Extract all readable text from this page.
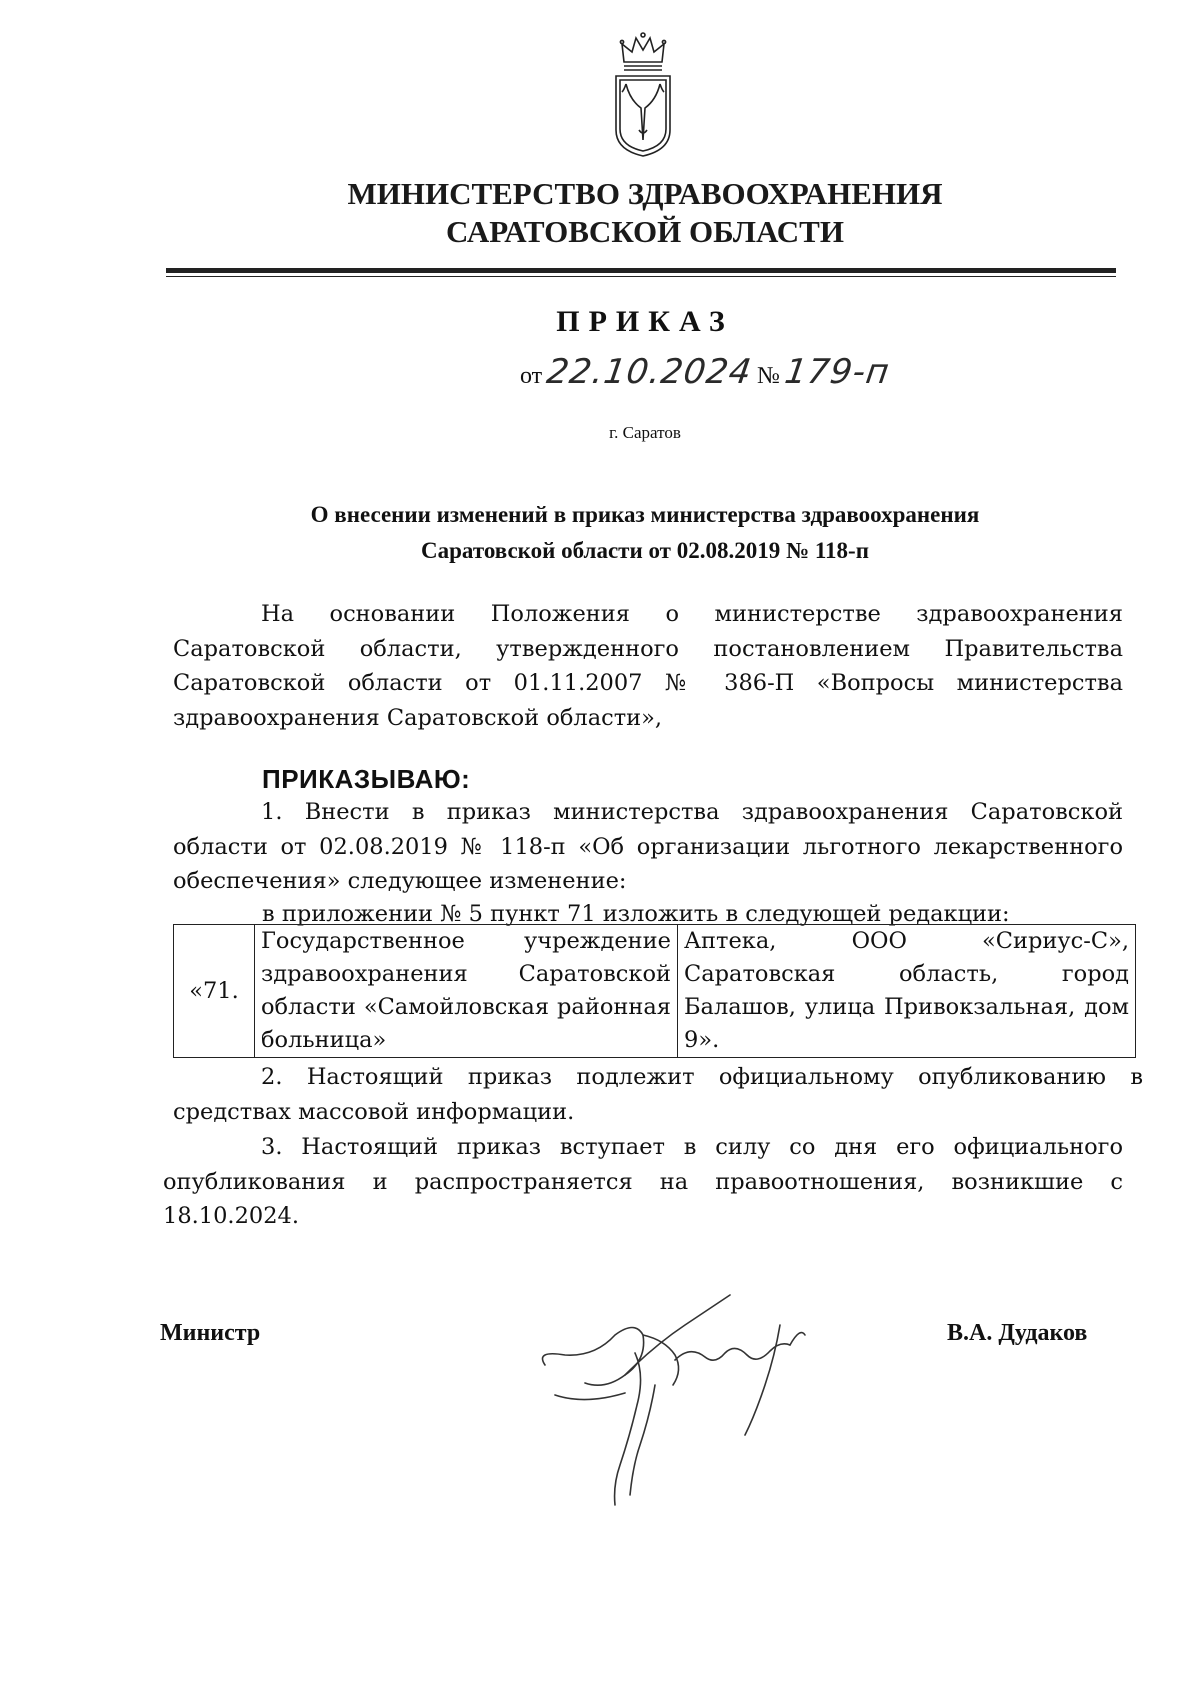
МИНИСТЕРСТВО ЗДРАВООХРАНЕНИЯ
САРАТОВСКОЙ ОБЛАСТИ
ПРИКАЗ
от 22.10.2024 № 179-п
г. Саратов
О внесении изменений в приказ министерства здравоохранения
Саратовской области от 02.08.2019 № 118-п
На основании Положения о министерстве здравоохранения Саратовской области, утвержденного постановлением Правительства Саратовской области от 01.11.2007 № 386-П «Вопросы министерства здравоохранения Саратовской области»,
ПРИКАЗЫВАЮ:
1. Внести в приказ министерства здравоохранения Саратовской области от 02.08.2019 № 118-п «Об организации льготного лекарственного обеспечения» следующее изменение:
в приложении № 5 пункт 71 изложить в следующей редакции:
«71.	Государственное учреждение здравоохранения Саратовской области «Самойловская районная больница»	Аптека, ООО «Сириус-С», Саратовская область, город Балашов, улица Привокзальная, дом 9».
2. Настоящий приказ подлежит официальному опубликованию в средствах массовой информации.
3. Настоящий приказ вступает в силу со дня его официального опубликования и распространяется на правоотношения, возникшие с 18.10.2024.
Министр	В.А. Дудаков
